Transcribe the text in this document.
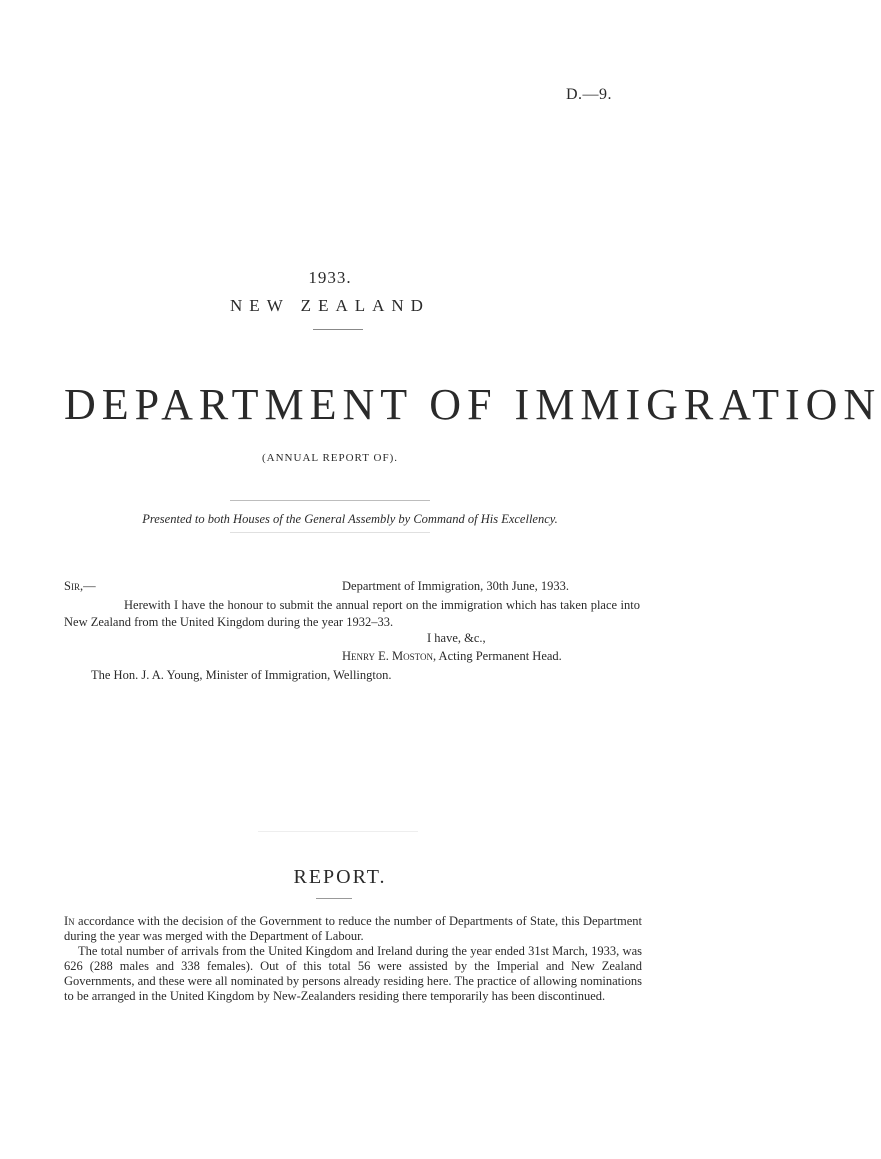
D.—9.
1933.
NEW ZEALAND
DEPARTMENT OF IMMIGRATION
(ANNUAL REPORT OF).
Presented to both Houses of the General Assembly by Command of His Excellency.
Sir,—	Department of Immigration, 30th June, 1933.
Herewith I have the honour to submit the annual report on the immigration which has taken place into New Zealand from the United Kingdom during the year 1932–33.
I have, &c.,
Henry E. Moston, Acting Permanent Head.
The Hon. J. A. Young, Minister of Immigration, Wellington.
REPORT.

In accordance with the decision of the Government to reduce the number of Departments of State, this Department during the year was merged with the Department of Labour.

The total number of arrivals from the United Kingdom and Ireland during the year ended 31st March, 1933, was 626 (288 males and 338 females). Out of this total 56 were assisted by the Imperial and New Zealand Governments, and these were all nominated by persons already residing here. The practice of allowing nominations to be arranged in the United Kingdom by New-Zealanders residing there temporarily has been discontinued.
